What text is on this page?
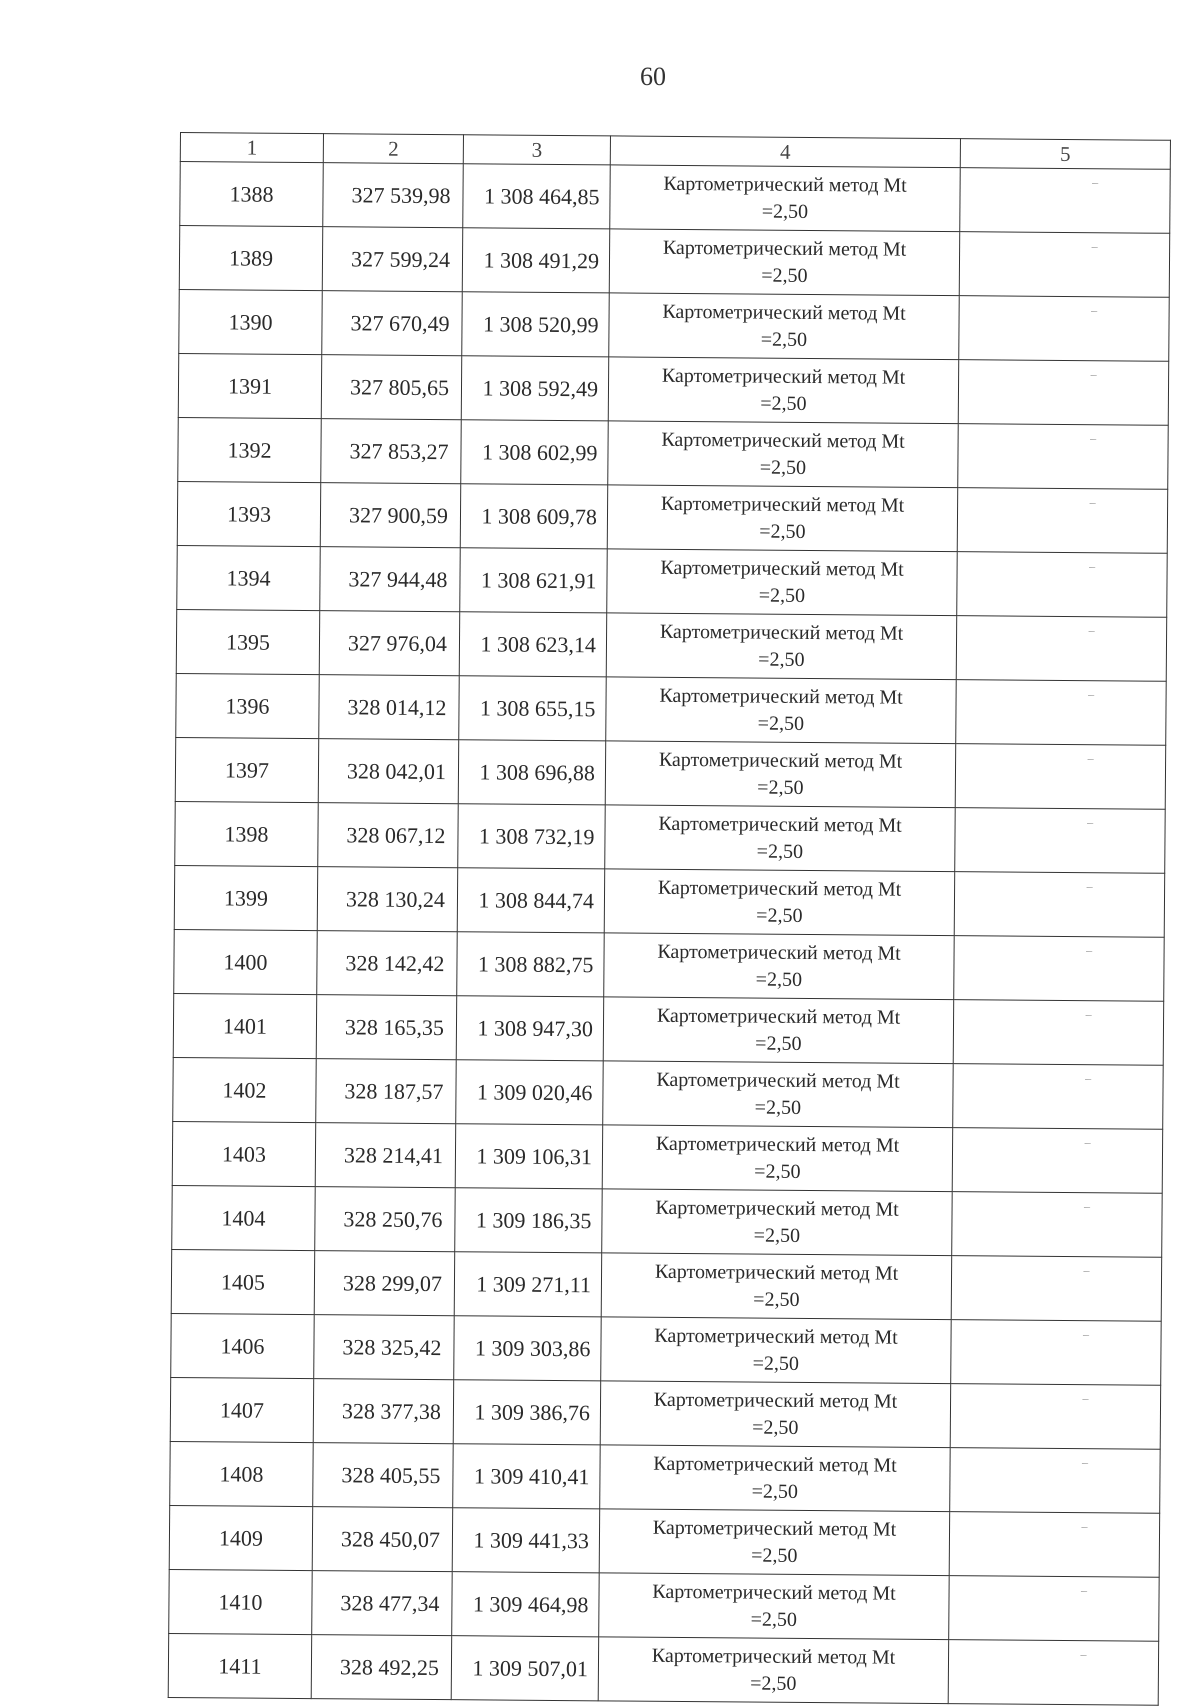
60
1	2	3	4	5
1388	327 539,98	1 308 464,85	Картометрический метод Mt
=2,50	–
1389	327 599,24	1 308 491,29	Картометрический метод Mt
=2,50	–
1390	327 670,49	1 308 520,99	Картометрический метод Mt
=2,50	–
1391	327 805,65	1 308 592,49	Картометрический метод Mt
=2,50	–
1392	327 853,27	1 308 602,99	Картометрический метод Mt
=2,50	–
1393	327 900,59	1 308 609,78	Картометрический метод Mt
=2,50	–
1394	327 944,48	1 308 621,91	Картометрический метод Mt
=2,50	–
1395	327 976,04	1 308 623,14	Картометрический метод Mt
=2,50	–
1396	328 014,12	1 308 655,15	Картометрический метод Mt
=2,50	–
1397	328 042,01	1 308 696,88	Картометрический метод Mt
=2,50	–
1398	328 067,12	1 308 732,19	Картометрический метод Mt
=2,50	–
1399	328 130,24	1 308 844,74	Картометрический метод Mt
=2,50	–
1400	328 142,42	1 308 882,75	Картометрический метод Mt
=2,50	–
1401	328 165,35	1 308 947,30	Картометрический метод Mt
=2,50	–
1402	328 187,57	1 309 020,46	Картометрический метод Mt
=2,50	–
1403	328 214,41	1 309 106,31	Картометрический метод Mt
=2,50	–
1404	328 250,76	1 309 186,35	Картометрический метод Mt
=2,50	–
1405	328 299,07	1 309 271,11	Картометрический метод Mt
=2,50	–
1406	328 325,42	1 309 303,86	Картометрический метод Mt
=2,50	–
1407	328 377,38	1 309 386,76	Картометрический метод Mt
=2,50	–
1408	328 405,55	1 309 410,41	Картометрический метод Mt
=2,50	–
1409	328 450,07	1 309 441,33	Картометрический метод Mt
=2,50	–
1410	328 477,34	1 309 464,98	Картометрический метод Mt
=2,50	–
1411	328 492,25	1 309 507,01	Картометрический метод Mt
=2,50	–
